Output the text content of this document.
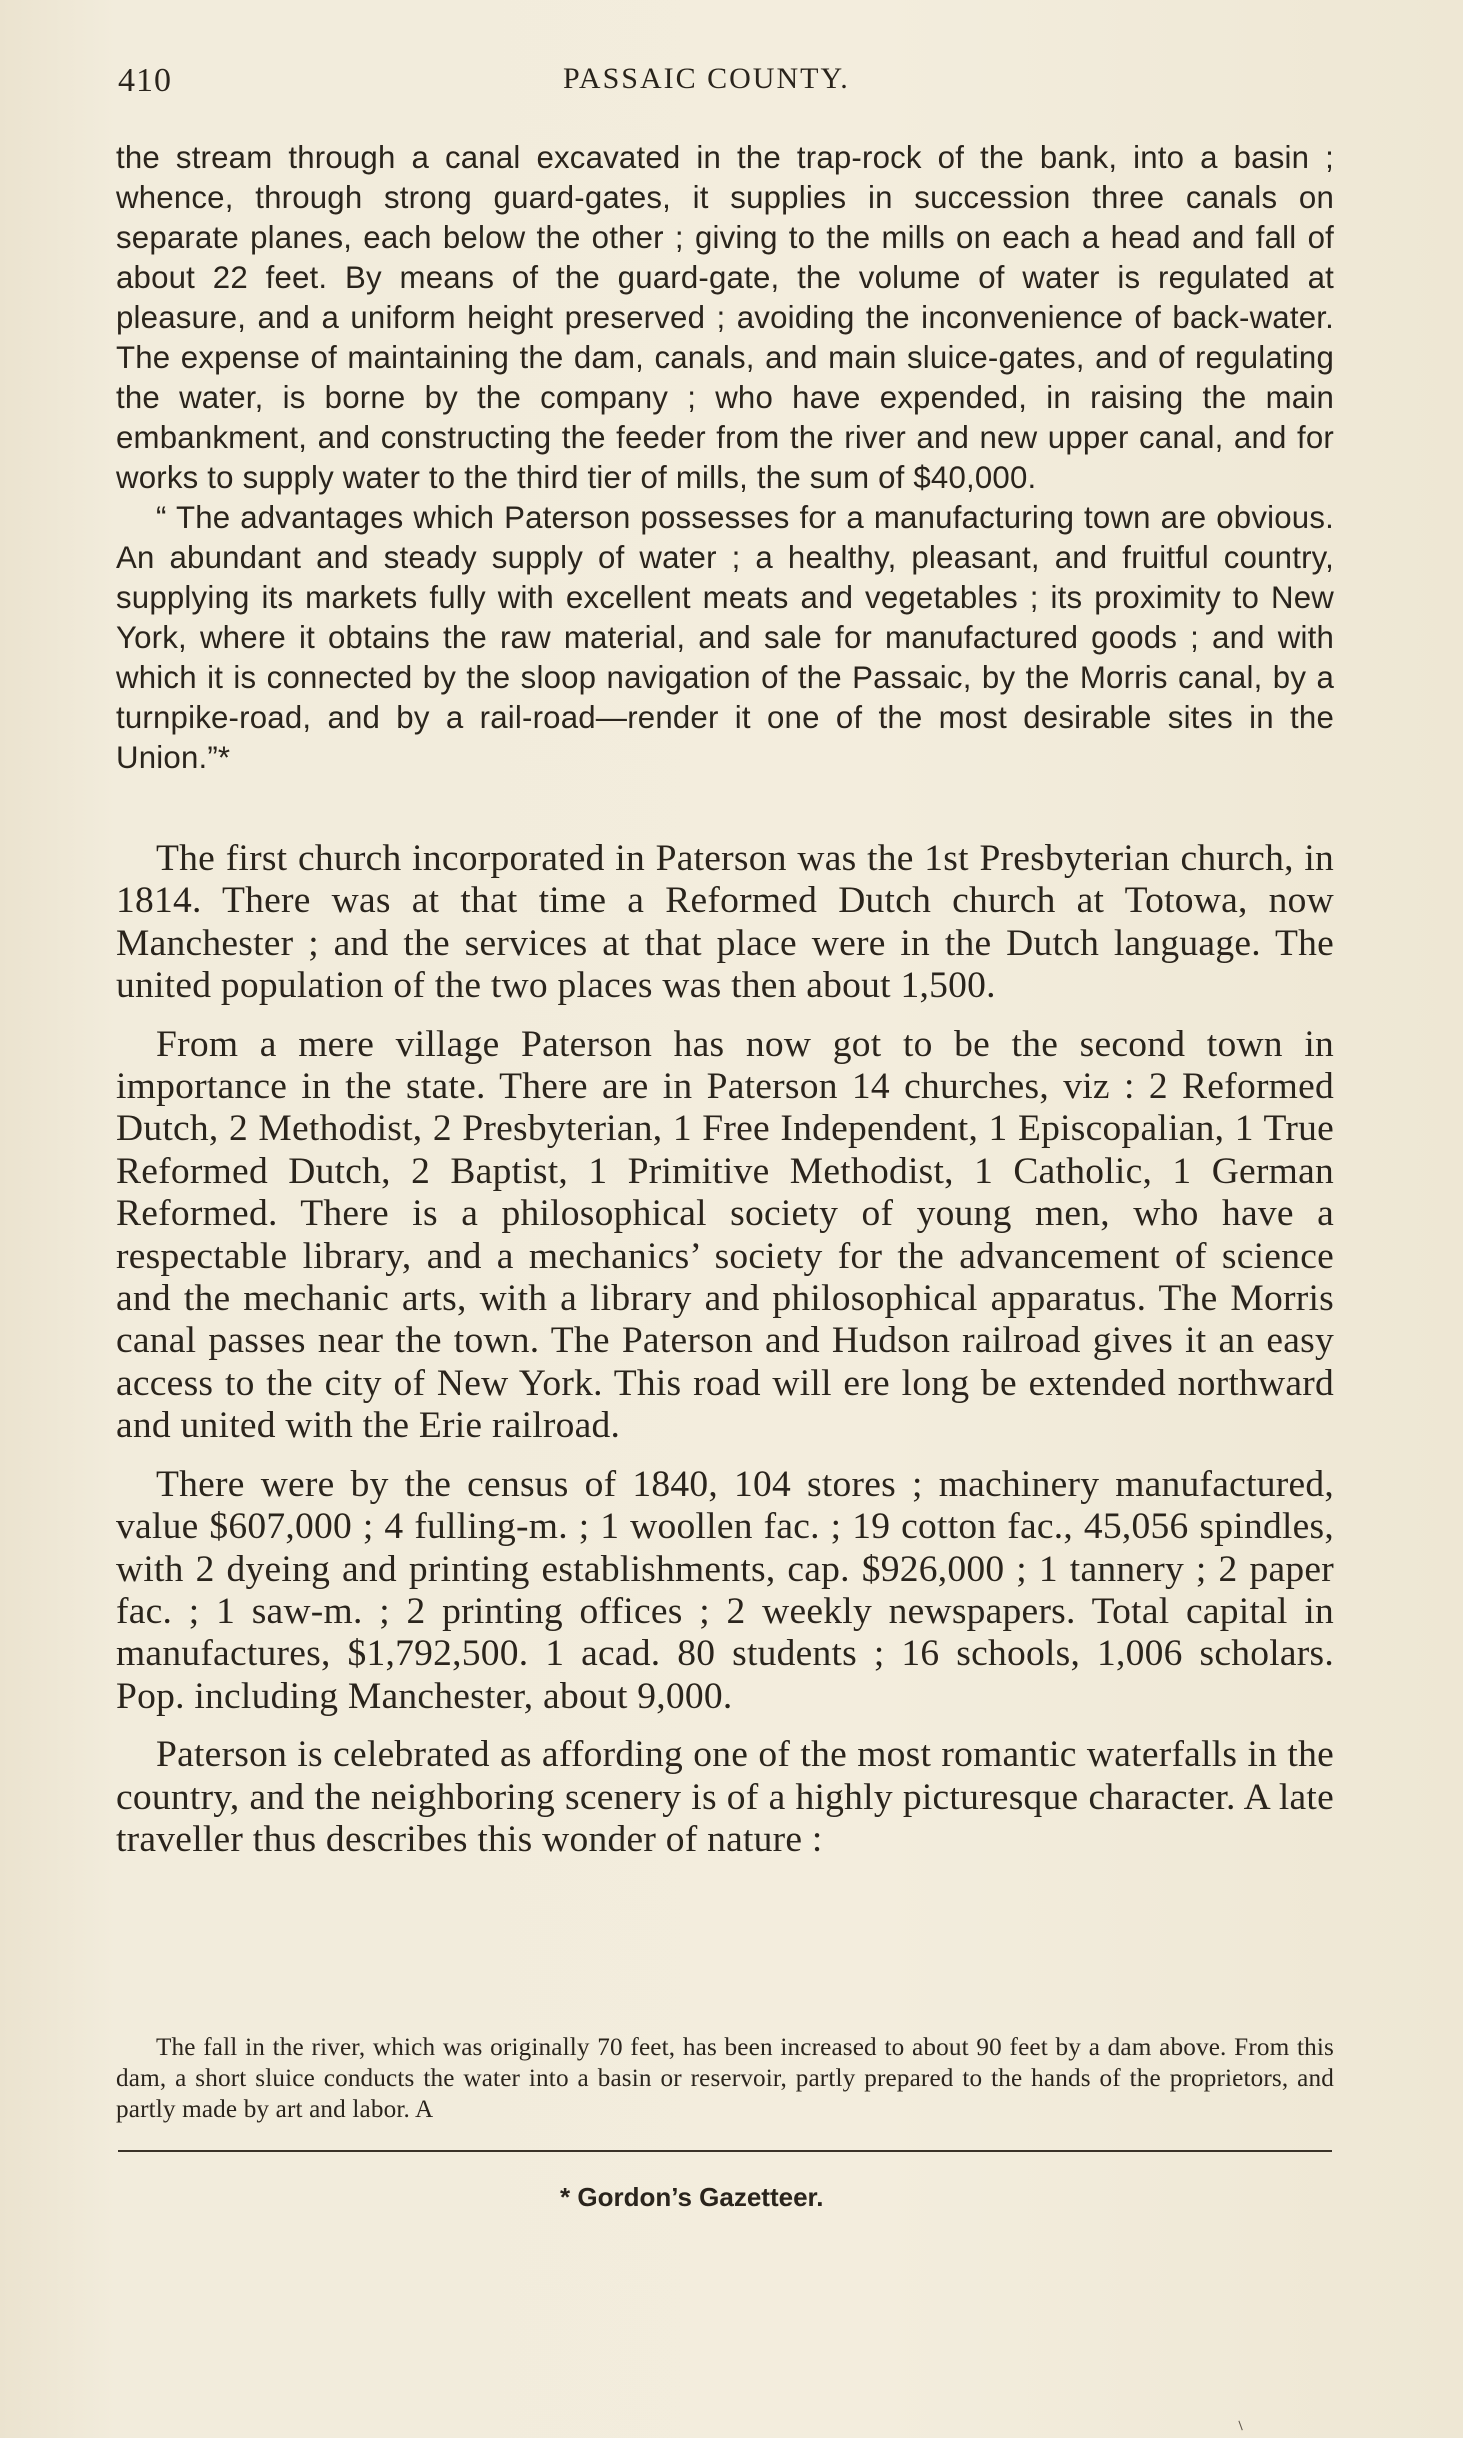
410	PASSAIC COUNTY.

the stream through a canal excavated in the trap-rock of the bank, into a basin ; whence, through strong guard-gates, it supplies in succession three canals on separate planes, each below the other ; giving to the mills on each a head and fall of about 22 feet. By means of the guard-gate, the volume of water is regulated at pleasure, and a uniform height preserved ; avoiding the inconvenience of back-water. The expense of maintaining the dam, canals, and main sluice-gates, and of regulating the water, is borne by the company ; who have expended, in raising the main embankment, and constructing the feeder from the river and new upper canal, and for works to supply water to the third tier of mills, the sum of $40,000.

“ The advantages which Paterson possesses for a manufacturing town are obvious. An abundant and steady supply of water ; a healthy, pleasant, and fruitful country, supplying its markets fully with excellent meats and vegetables ; its proximity to New York, where it obtains the raw material, and sale for manufactured goods ; and with which it is connected by the sloop navigation of the Passaic, by the Morris canal, by a turnpike-road, and by a rail-road—render it one of the most desirable sites in the Union.”*

The first church incorporated in Paterson was the 1st Presbyterian church, in 1814. There was at that time a Reformed Dutch church at Totowa, now Manchester ; and the services at that place were in the Dutch language. The united population of the two places was then about 1,500.

From a mere village Paterson has now got to be the second town in importance in the state. There are in Paterson 14 churches, viz : 2 Reformed Dutch, 2 Methodist, 2 Presbyterian, 1 Free Independent, 1 Episcopalian, 1 True Reformed Dutch, 2 Baptist, 1 Primitive Methodist, 1 Catholic, 1 German Reformed. There is a philosophical society of young men, who have a respectable library, and a mechanics’ society for the advancement of science and the mechanic arts, with a library and philosophical apparatus. The Morris canal passes near the town. The Paterson and Hudson railroad gives it an easy access to the city of New York. This road will ere long be extended northward and united with the Erie railroad.

There were by the census of 1840, 104 stores ; machinery manufactured, value $607,000 ; 4 fulling-m. ; 1 woollen fac. ; 19 cotton fac., 45,056 spindles, with 2 dyeing and printing establishments, cap. $926,000 ; 1 tannery ; 2 paper fac. ; 1 saw-m. ; 2 printing offices ; 2 weekly newspapers. Total capital in manufactures, $1,792,500. 1 acad. 80 students ; 16 schools, 1,006 scholars. Pop. including Manchester, about 9,000.

Paterson is celebrated as affording one of the most romantic waterfalls in the country, and the neighboring scenery is of a highly picturesque character. A late traveller thus describes this wonder of nature :

The fall in the river, which was originally 70 feet, has been increased to about 90 feet by a dam above. From this dam, a short sluice conducts the water into a basin or reservoir, partly prepared to the hands of the proprietors, and partly made by art and labor. A

* Gordon’s Gazetteer.
